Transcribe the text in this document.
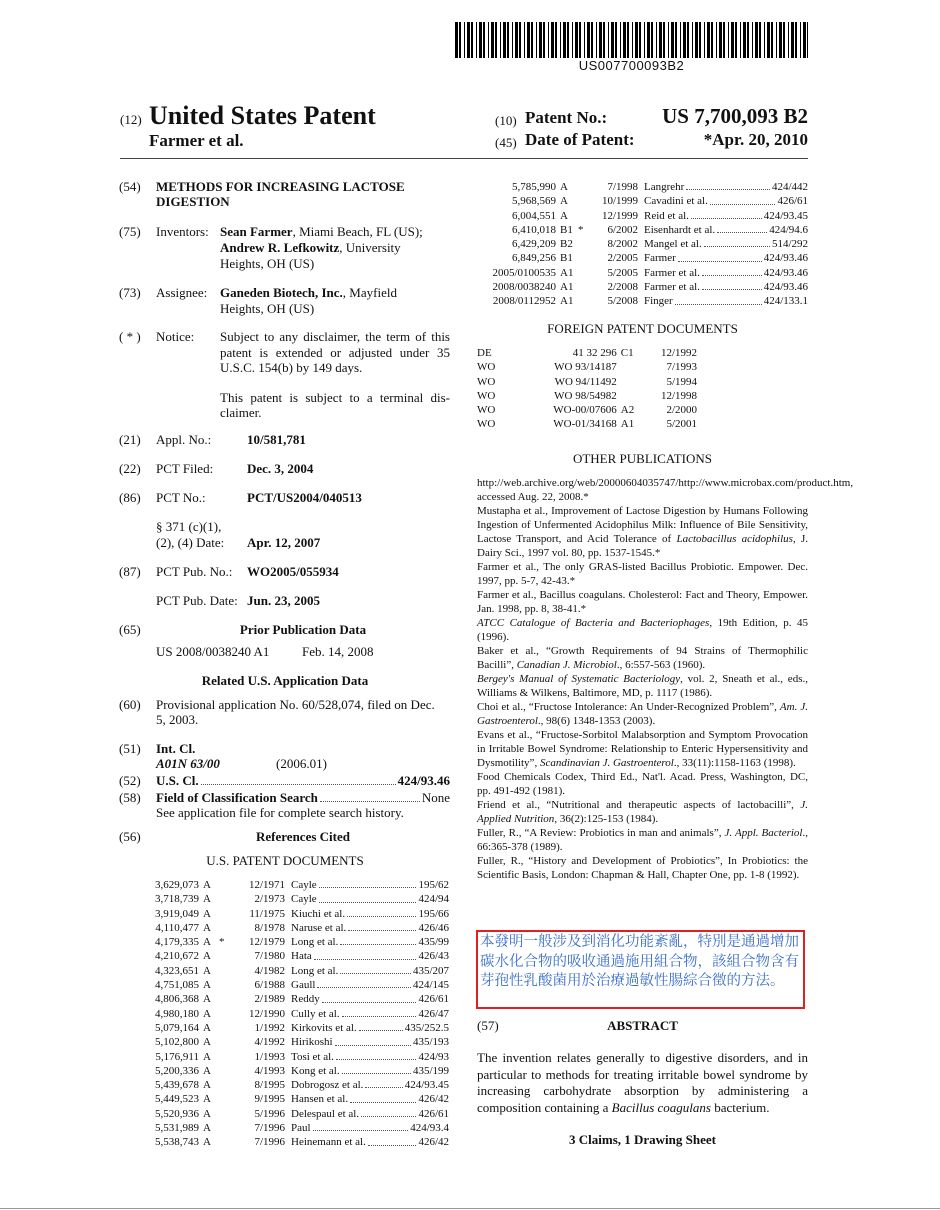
US007700093B2
(12) United States Patent
Farmer et al.
(10) Patent No.:	US 7,700,093 B2
(45) Date of Patent:	*Apr. 20, 2010
(54) METHODS FOR INCREASING LACTOSE
DIGESTION
(75) Inventors: Sean Farmer, Miami Beach, FL (US);
Andrew R. Lefkowitz, University
Heights, OH (US)
(73) Assignee: Ganeden Biotech, Inc., Mayfield
Heights, OH (US)
( * ) Notice: Subject to any disclaimer, the term of this
patent is extended or adjusted under 35
U.S.C. 154(b) by 149 days.
This patent is subject to a terminal dis-
claimer.
(21) Appl. No.:	10/581,781
(22) PCT Filed:	Dec. 3, 2004
(86) PCT No.:	PCT/US2004/040513
§ 371 (c)(1),
(2), (4) Date: Apr. 12, 2007
(87) PCT Pub. No.: WO2005/055934
PCT Pub. Date: Jun. 23, 2005
(65)	Prior Publication Data
US 2008/0038240 A1	Feb. 14, 2008
Related U.S. Application Data
(60) Provisional application No. 60/528,074, filed on Dec.
5, 2003.
(51) Int. Cl.
A01N 63/00	(2006.01)
(52) U.S. Cl.	424/93.46
(58) Field of Classification Search	None
See application file for complete search history.
(56)	References Cited
U.S. PATENT DOCUMENTS
3,629,073	A		12/1971	Cayle 195/62

3,718,739	A		2/1973	Cayle 424/94

3,919,049	A		11/1975	Kiuchi et al. 195/66

4,110,477	A		8/1978	Naruse et al. 426/46

4,179,335	A	*	12/1979	Long et al. 435/99

4,210,672	A		7/1980	Hata 426/43

4,323,651	A		4/1982	Long et al. 435/207

4,751,085	A		6/1988	Gaull 424/145

4,806,368	A		2/1989	Reddy 426/61

4,980,180	A		12/1990	Cully et al. 426/47

5,079,164	A		1/1992	Kirkovits et al. 435/252.5

5,102,800	A		4/1992	Hirikoshi 435/193

5,176,911	A		1/1993	Tosi et al. 424/93

5,200,336	A		4/1993	Kong et al. 435/199

5,439,678	A		8/1995	Dobrogosz et al. 424/93.45

5,449,523	A		9/1995	Hansen et al. 426/42

5,520,936	A		5/1996	Delespaul et al. 426/61

5,531,989	A		7/1996	Paul 424/93.4

5,538,743	A		7/1996	Heinemann et al. 426/42
5,785,990	A		7/1998	Langrehr 424/442

5,968,569	A		10/1999	Cavadini et al. 426/61

6,004,551	A		12/1999	Reid et al. 424/93.45

6,410,018	B1	*	6/2002	Eisenhardt et al. 424/94.6

6,429,209	B2		8/2002	Mangel et al. 514/292

6,849,256	B1		2/2005	Farmer 424/93.46

2005/0100535	A1		5/2005	Farmer et al. 424/93.46

2008/0038240	A1		2/2008	Farmer et al. 424/93.46

2008/0112952	A1		5/2008	Finger 424/133.1
FOREIGN PATENT DOCUMENTS
DE	41 32 296	C1	12/1992
WO	WO 93/14187		7/1993
WO	WO 94/11492		5/1994
WO	WO 98/54982		12/1998
WO	WO-00/07606	A2	2/2000
WO	WO-01/34168	A1	5/2001
OTHER PUBLICATIONS

http://web.archive.org/web/20000604035747/http://www.microbax.com/product.htm, accessed Aug. 22, 2008.*

Mustapha et al., Improvement of Lactose Digestion by Humans Following Ingestion of Unfermented Acidophilus Milk: Influence of Bile Sensitivity, Lactose Transport, and Acid Tolerance of Lactobacillus acidophilus, J. Dairy Sci., 1997 vol. 80, pp. 1537-1545.*

Farmer et al., The only GRAS-listed Bacillus Probiotic. Empower. Dec. 1997, pp. 5-7, 42-43.*

Farmer et al., Bacillus coagulans. Cholesterol: Fact and Theory, Empower. Jan. 1998, pp. 8, 38-41.*

ATCC Catalogue of Bacteria and Bacteriophages, 19th Edition, p. 45 (1996).

Baker et al., “Growth Requirements of 94 Strains of Thermophilic Bacilli”, Canadian J. Microbiol., 6:557-563 (1960).

Bergey's Manual of Systematic Bacteriology, vol. 2, Sneath et al., eds., Williams & Wilkens, Baltimore, MD, p. 1117 (1986).

Choi et al., “Fructose Intolerance: An Under-Recognized Problem”, Am. J. Gastroenterol., 98(6) 1348-1353 (2003).

Evans et al., “Fructose-Sorbitol Malabsorption and Symptom Provocation in Irritable Bowel Syndrome: Relationship to Enteric Hypersensitivity and Dysmotility”, Scandinavian J. Gastroenterol., 33(11):1158-1163 (1998).

Food Chemicals Codex, Third Ed., Nat'l. Acad. Press, Washington, DC, pp. 491-492 (1981).

Friend et al., “Nutritional and therapeutic aspects of lactobacilli”, J. Applied Nutrition, 36(2):125-153 (1984).

Fuller, R., “A Review: Probiotics in man and animals”, J. Appl. Bacteriol., 66:365-378 (1989).

Fuller, R., “History and Development of Probiotics”, In Probiotics: the Scientific Basis, London: Chapman & Hall, Chapter One, pp. 1-8 (1992).

本發明一般涉及到消化功能紊亂，特別是通過增加碳水化合物的吸收通過施用組合物，該組合物含有芽孢性乳酸菌用於治療過敏性腸綜合徵的方法。
(57)	ABSTRACT
The invention relates generally to digestive disorders, and in particular to methods for treating irritable bowel syndrome by increasing carbohydrate absorption by administering a composition containing a Bacillus coagulans bacterium.
3 Claims, 1 Drawing Sheet
